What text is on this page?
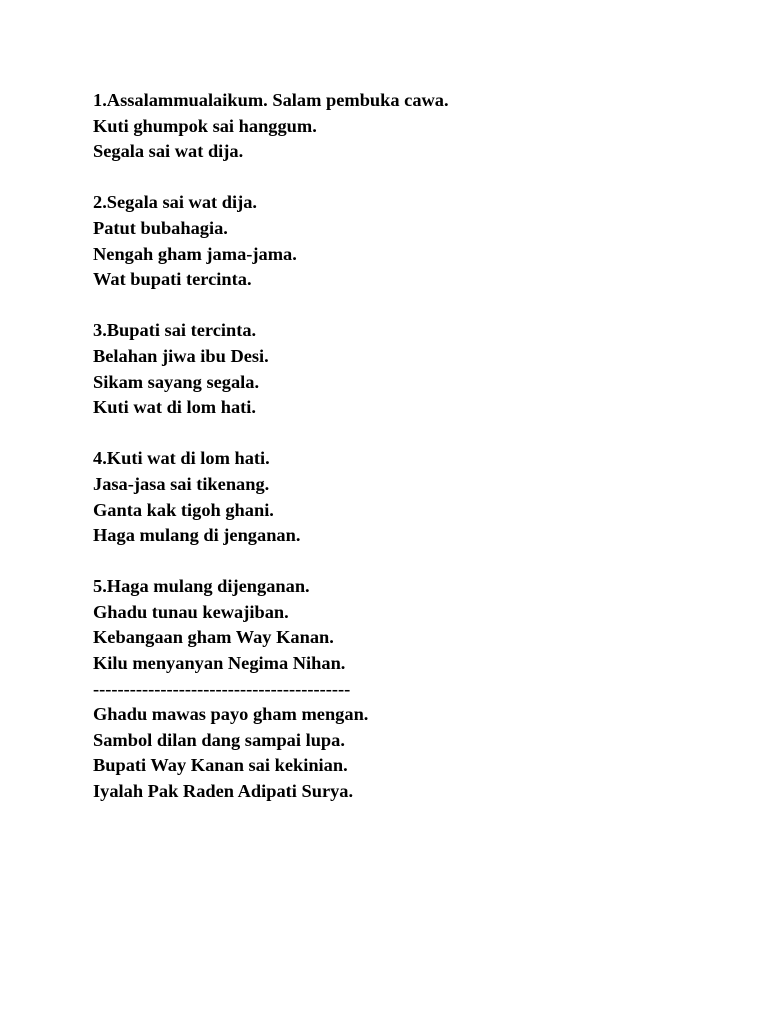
1.Assalammualaikum. Salam pembuka cawa.
Kuti ghumpok sai hanggum.
Segala sai wat dija.
2.Segala sai wat dija.
Patut bubahagia.
Nengah gham jama-jama.
Wat bupati tercinta.
3.Bupati sai tercinta.
Belahan jiwa ibu Desi.
Sikam sayang segala.
Kuti wat di lom hati.
4.Kuti wat di lom hati.
Jasa-jasa sai tikenang.
Ganta kak tigoh ghani.
Haga mulang di jenganan.
5.Haga mulang dijenganan.
Ghadu tunau kewajiban.
Kebangaan gham Way Kanan.
Kilu menyanyan Negima Nihan.
------------------------------------------
Ghadu mawas payo gham mengan.
Sambol dilan dang sampai lupa.
Bupati Way Kanan sai kekinian.
Iyalah Pak Raden Adipati Surya.
